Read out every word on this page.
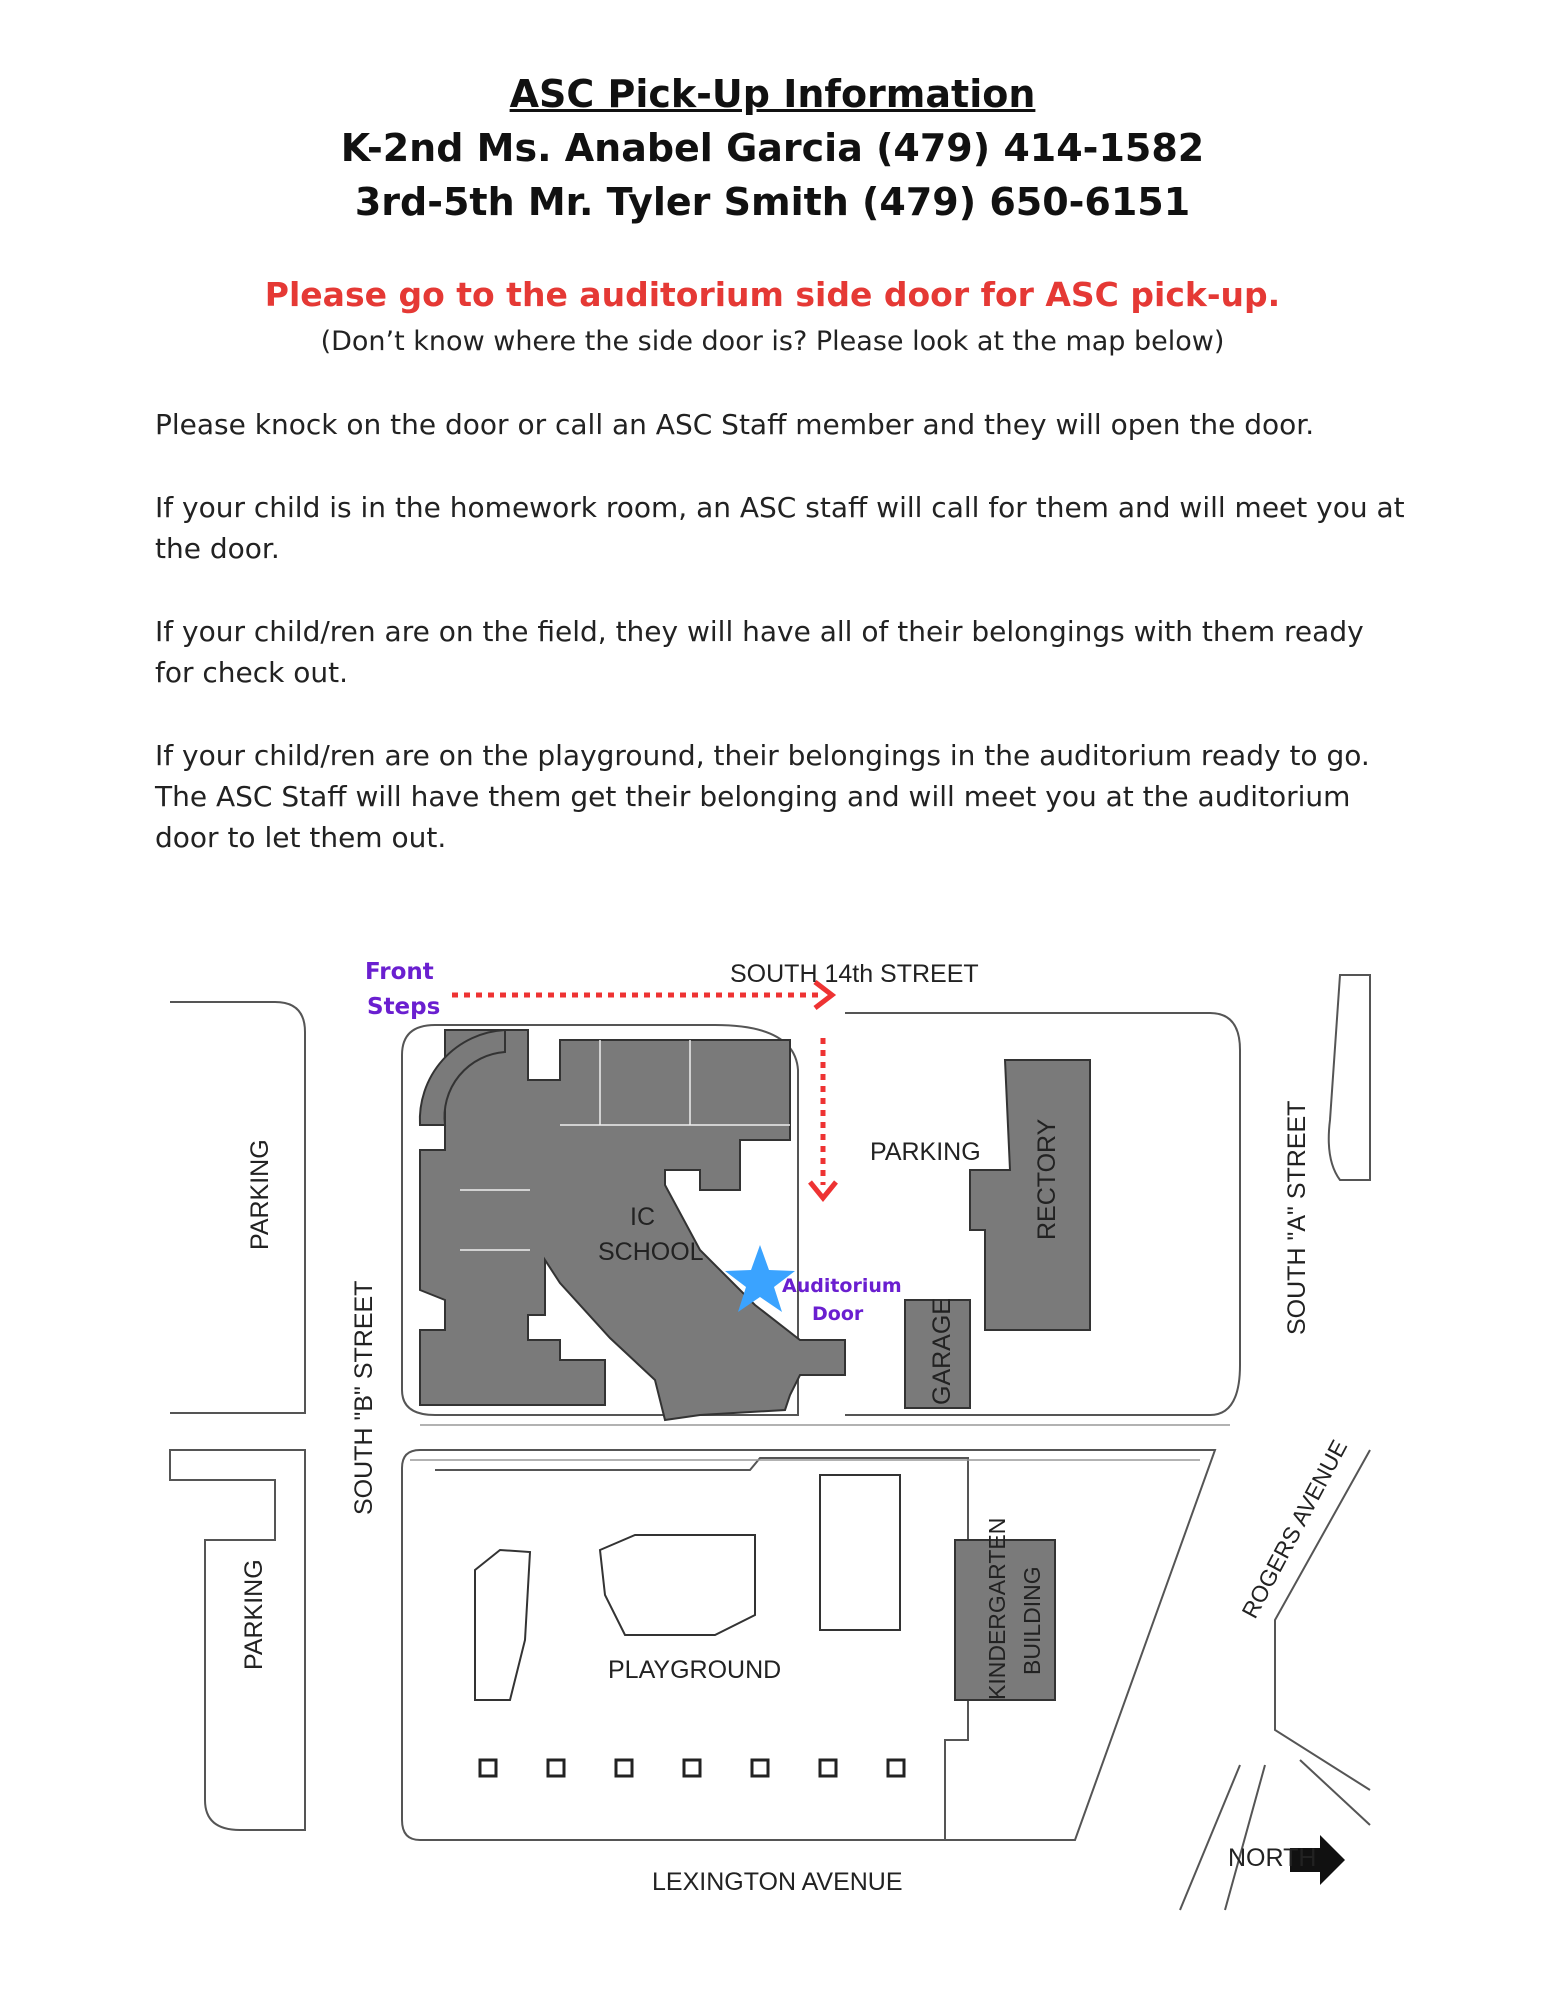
ASC Pick-Up Information
K-2nd Ms. Anabel Garcia (479) 414-1582
3rd-5th Mr. Tyler Smith (479) 650-6151
Please go to the auditorium side door for ASC pick-up.
(Don’t know where the side door is? Please look at the map below)
Please knock on the door or call an ASC Staff member and they will open the door.
If your child is in the homework room, an ASC staff will call for them and will meet you at the door.
If your child/ren are on the field, they will have all of their belongings with them ready for check out.
If your child/ren are on the playground, their belongings in the auditorium ready to go. The ASC Staff will have them get their belonging and will meet you at the auditorium door to let them out.
Front
Steps
SOUTH 14th STREET
PARKING
IC
SCHOOL
Auditorium
Door
PARKING
PARKING
RECTORY
GARAGE
SOUTH "A" STREET
SOUTH "B" STREET
ROGERS AVENUE
PLAYGROUND	KINDERGARTEN BUILDING
LEXINGTON AVENUE
NORTH
